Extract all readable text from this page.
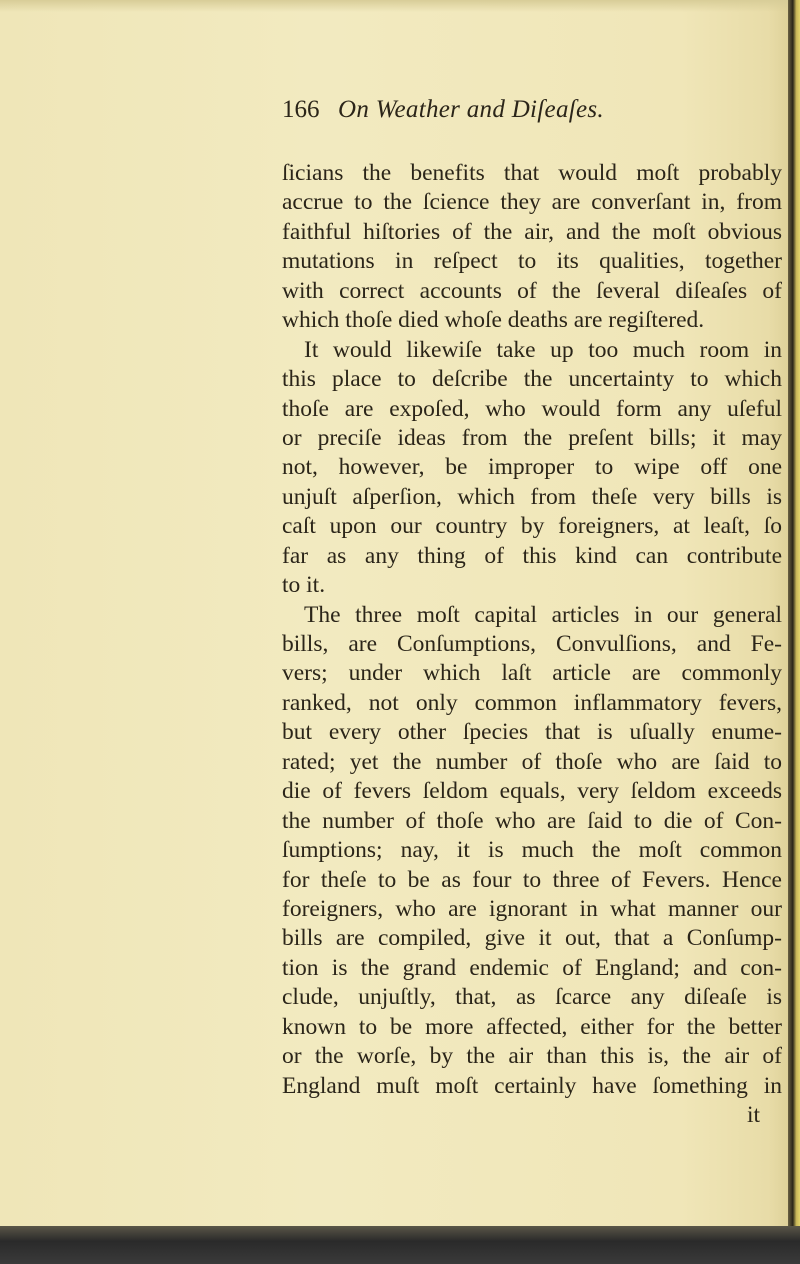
166 On Weather and Diſeaſes.
ſicians the benefits that would moſt probably
accrue to the ſcience they are converſant in, from
faithful hiſtories of the air, and the moſt obvious
mutations in reſpect to its qualities, together
with correct accounts of the ſeveral diſeaſes of
which thoſe died whoſe deaths are regiſtered.
It would likewiſe take up too much room in
this place to deſcribe the uncertainty to which
thoſe are expoſed, who would form any uſeful
or preciſe ideas from the preſent bills; it may
not, however, be improper to wipe off one
unjuſt aſperſion, which from theſe very bills is
caſt upon our country by foreigners, at leaſt, ſo
far as any thing of this kind can contribute
to it.
The three moſt capital articles in our general
bills, are Conſumptions, Convulſions, and Fe-
vers; under which laſt article are commonly
ranked, not only common inflammatory fevers,
but every other ſpecies that is uſually enume-
rated; yet the number of thoſe who are ſaid to
die of fevers ſeldom equals, very ſeldom exceeds
the number of thoſe who are ſaid to die of Con-
ſumptions; nay, it is much the moſt common
for theſe to be as four to three of Fevers. Hence
foreigners, who are ignorant in what manner our
bills are compiled, give it out, that a Conſump-
tion is the grand endemic of England; and con-
clude, unjuſtly, that, as ſcarce any diſeaſe is
known to be more affected, either for the better
or the worſe, by the air than this is, the air of
England muſt moſt certainly have ſomething in
it
